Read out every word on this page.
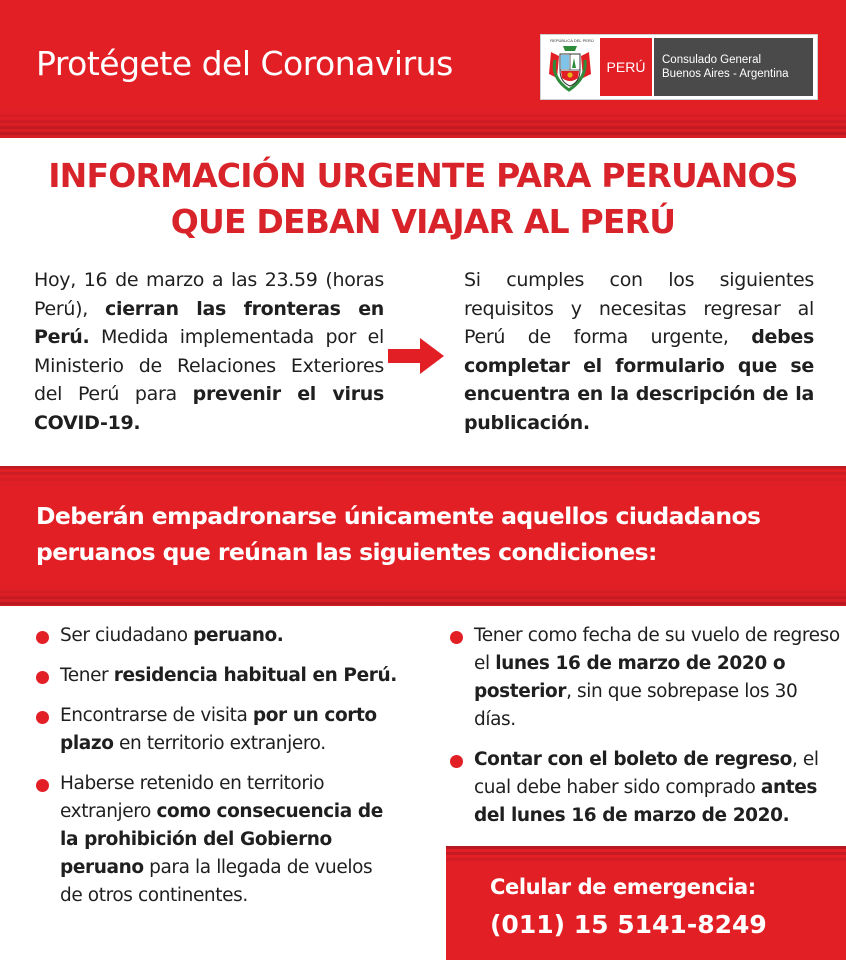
Protégete del Coronavirus
REPÚBLICA DEL PERÚ
PERÚ	Consulado General
Buenos Aires - Argentina
INFORMACIÓN URGENTE PARA PERUANOS
QUE DEBAN VIAJAR AL PERÚ
Hoy, 16 de marzo a las 23.59 (horas Perú), cierran las fronteras en Perú. Medida implementada por el Ministerio de Relaciones Exteriores del Perú para prevenir el virus COVID-19.
Si cumples con los siguientes requisitos y necesitas regresar al Perú de forma urgente, debes completar el formulario que se encuentra en la descripción de la publicación.
Deberán empadronarse únicamente aquellos ciudadanos
peruanos que reúnan las siguientes condiciones:
Ser ciudadano peruano.
Tener residencia habitual en Perú.
Encontrarse de visita por un corto plazo en territorio extranjero.
Haberse retenido en territorio extranjero como consecuencia de la prohibición del Gobierno peruano para la llegada de vuelos de otros continentes.
Tener como fecha de su vuelo de regreso el lunes 16 de marzo de 2020 o posterior, sin que sobrepase los 30 días.
Contar con el boleto de regreso, el cual debe haber sido comprado antes del lunes 16 de marzo de 2020.
Celular de emergencia:
(011) 15 5141-8249
